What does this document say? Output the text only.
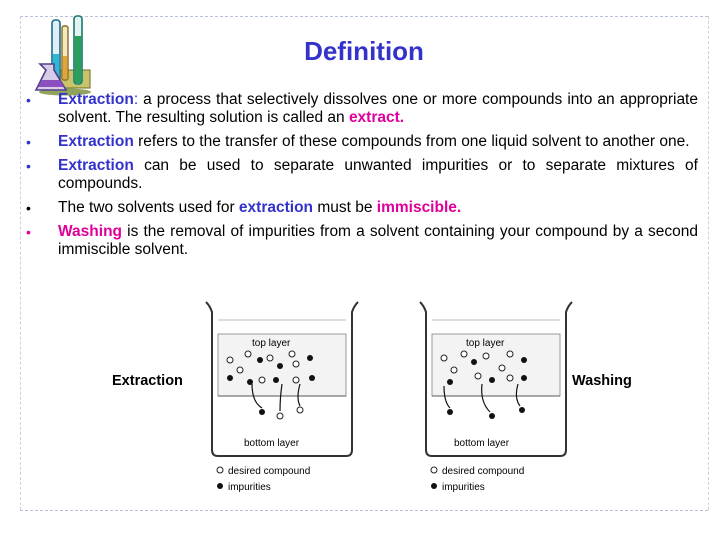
Definition
• Extraction: a process that selectively dissolves one or more compounds into an appropriate solvent. The resulting solution is called an extract.
• Extraction refers to the transfer of these compounds from one liquid solvent to another one.
• Extraction can be used to separate unwanted impurities or to separate mixtures of compounds.
• The two solvents used for extraction must be immiscible.
• Washing is the removal of impurities from a solvent containing your compound by a second immiscible solvent.
Extraction	Washing
top layer
bottom layer
desired compound
impurities
top layer
bottom layer
desired compound
impurities
